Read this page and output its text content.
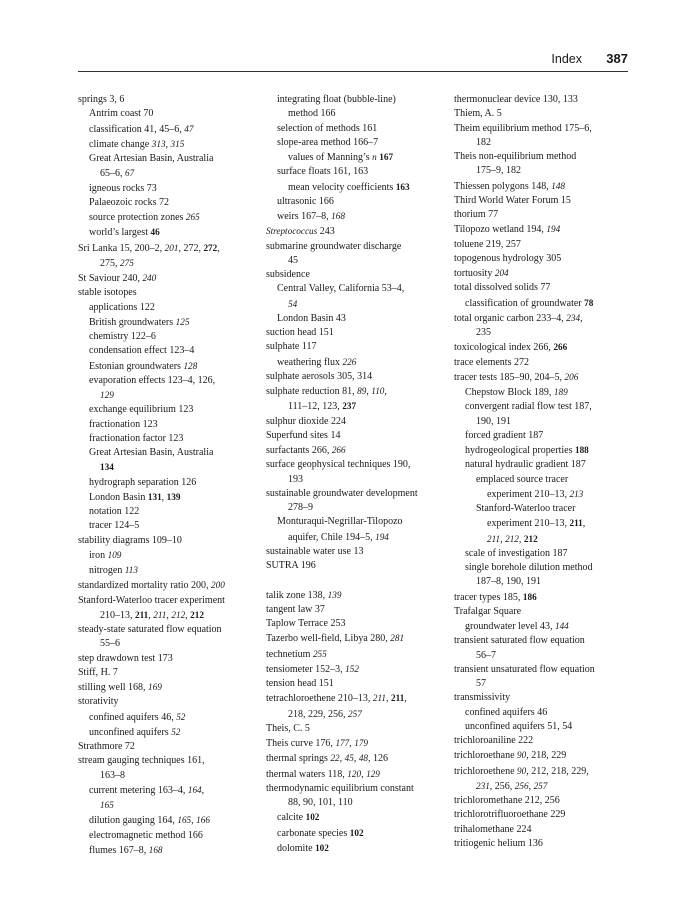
Index 387
springs 3, 6
Antrim coast 70
classification 41, 45–6, 47
climate change 313, 315
Great Artesian Basin, Australia
65–6, 67
igneous rocks 73
Palaeozoic rocks 72
source protection zones 265
world’s largest 46
Sri Lanka 15, 200–2, 201, 272, 272,
275, 275
St Saviour 240, 240
stable isotopes
applications 122
British groundwaters 125
chemistry 122–6
condensation effect 123–4
Estonian groundwaters 128
evaporation effects 123–4, 126,
129
exchange equilibrium 123
fractionation 123
fractionation factor 123
Great Artesian Basin, Australia
134
hydrograph separation 126
London Basin 131, 139
notation 122
tracer 124–5
stability diagrams 109–10
iron 109
nitrogen 113
standardized mortality ratio 200, 200
Stanford-Waterloo tracer experiment
210–13, 211, 211, 212, 212
steady-state saturated flow equation
55–6
step drawdown test 173
Stiff, H. 7
stilling well 168, 169
storativity
confined aquifers 46, 52
unconfined aquifers 52
Strathmore 72
stream gauging techniques 161,
163–8
current metering 163–4, 164,
165
dilution gauging 164, 165, 166
electromagnetic method 166
flumes 167–8, 168
integrating float (bubble-line)
method 166
selection of methods 161
slope-area method 166–7
values of Manning’s n 167
surface floats 161, 163
mean velocity coefficients 163
ultrasonic 166
weirs 167–8, 168
Streptococcus 243
submarine groundwater discharge
45
subsidence
Central Valley, California 53–4,
54
London Basin 43
suction head 151
sulphate 117
weathering flux 226
sulphate aerosols 305, 314
sulphate reduction 81, 89, 110,
111–12, 123, 237
sulphur dioxide 224
Superfund sites 14
surfactants 266, 266
surface geophysical techniques 190,
193
sustainable groundwater development
278–9
Monturaqui-Negrillar-Tilopozo
aquifer, Chile 194–5, 194
sustainable water use 13
SUTRA 196
talik zone 138, 139
tangent law 37
Taplow Terrace 253
Tazerbo well-field, Libya 280, 281
technetium 255
tensiometer 152–3, 152
tension head 151
tetrachloroethene 210–13, 211, 211,
218, 229, 256, 257
Theis, C. 5
Theis curve 176, 177, 179
thermal springs 22, 45, 48, 126
thermal waters 118, 120, 129
thermodynamic equilibrium constant
88, 90, 101, 110
calcite 102
carbonate species 102
dolomite 102
thermonuclear device 130, 133
Thiem, A. 5
Theim equilibrium method 175–6,
182
Theis non-equilibrium method
175–9, 182
Thiessen polygons 148, 148
Third World Water Forum 15
thorium 77
Tilopozo wetland 194, 194
toluene 219, 257
topogenous hydrology 305
tortuosity 204
total dissolved solids 77
classification of groundwater 78
total organic carbon 233–4, 234,
235
toxicological index 266, 266
trace elements 272
tracer tests 185–90, 204–5, 206
Chepstow Block 189, 189
convergent radial flow test 187,
190, 191
forced gradient 187
hydrogeological properties 188
natural hydraulic gradient 187
emplaced source tracer
experiment 210–13, 213
Stanford-Waterloo tracer
experiment 210–13, 211,
211, 212, 212
scale of investigation 187
single borehole dilution method
187–8, 190, 191
tracer types 185, 186
Trafalgar Square
groundwater level 43, 144
transient saturated flow equation
56–7
transient unsaturated flow equation
57
transmissivity
confined aquifers 46
unconfined aquifers 51, 54
trichloroaniline 222
trichloroethane 90, 218, 229
trichloroethene 90, 212, 218, 229,
231, 256, 256, 257
trichloromethane 212, 256
trichlorotrifluoroethane 229
trihalomethane 224
tritiogenic helium 136
